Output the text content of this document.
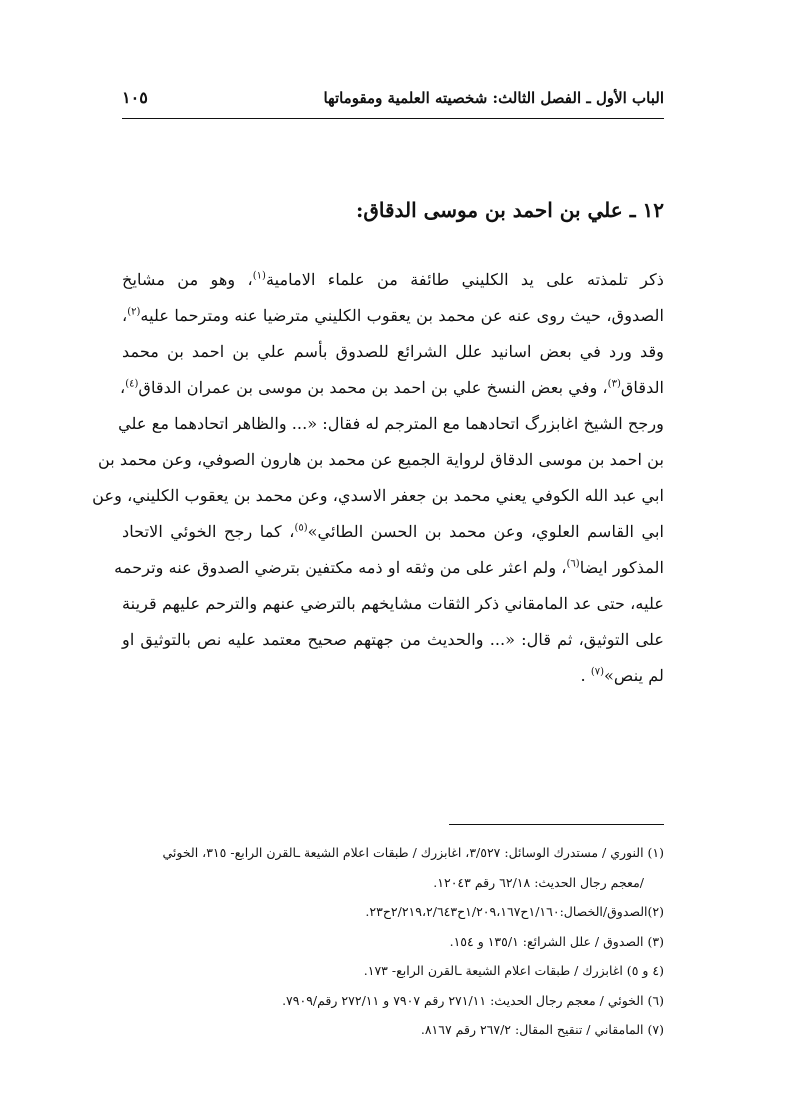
الباب الأول ـ الفصل الثالث: شخصيته العلمية ومقوماتها
١٠٥
١٢ ـ علي بن احمد بن موسى الدقاق:
ذكر تلمذته على يد الكليني طائفة من علماء الامامية$^{(١)}$، وهو من مشايخ
الصدوق، حيث روى عنه عن محمد بن يعقوب الكليني مترضيا عنه ومترحما عليه$^{(٢)}$،
وقد ورد في بعض اسانيد علل الشرائع للصدوق بأسم علي بن احمد بن محمد
الدقاق$^{(٣)}$، وفي بعض النسخ علي بن احمد بن محمد بن موسى بن عمران الدقاق$^{(٤)}$،
ورجح الشيخ اغابزرگ اتحادهما مع المترجم له فقال: «... والظاهر اتحادهما مع علي
بن احمد بن موسى الدقاق لرواية الجميع عن محمد بن هارون الصوفي، وعن محمد بن
ابي عبد الله الكوفي يعني محمد بن جعفر الاسدي، وعن محمد بن يعقوب الكليني، وعن
ابي القاسم العلوي، وعن محمد بن الحسن الطائي»$^{(٥)}$، كما رجح الخوئي الاتحاد
المذكور ايضا$^{(٦)}$، ولم اعثر على من وثقه او ذمه مكتفين بترضي الصدوق عنه وترحمه
عليه، حتى عد المامقاني ذكر الثقات مشايخهم بالترضي عنهم والترحم عليهم قرينة
على التوثيق، ثم قال: «... والحديث من جهتهم صحيح معتمد عليه نص بالتوثيق او
لم ينص»$^{(٧)}$ .
(١) النوري / مستدرك الوسائل: ٣/٥٢٧، اغابزرك / طبقات اعلام الشيعة ـالقرن الرابع- ٣١٥، الخوئي
/معجم رجال الحديث: ٦٢/١٨ رقم ١٢٠٤٣.
(٢)الصدوق/الخصال:١/١٦٠ح١/٢٠٩،١٦٧ح٢/٢١٩،٢/٦٤٣ح٢٣.
(٣) الصدوق / علل الشرائع: ١٣٥/١ و ١٥٤.
(٤ و ٥) اغابزرك / طبقات اعلام الشيعة ـالقرن الرابع- ١٧٣.
(٦) الخوئي / معجم رجال الحديث: ٢٧١/١١ رقم ٧٩٠٧ و ٢٧٢/١١ رقم/٧٩٠٩.
(٧) المامقاني / تنقيح المقال: ٢٦٧/٢ رقم ٨١٦٧.
